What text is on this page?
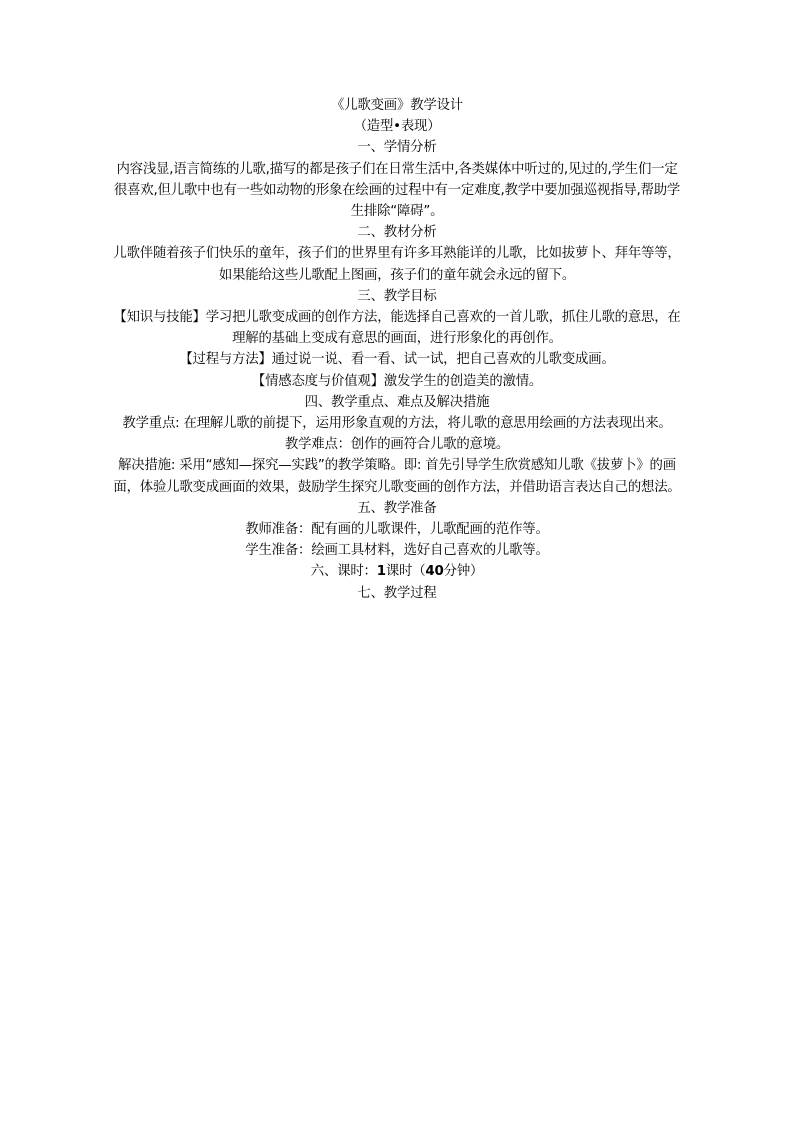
《儿歌变画》教学设计

（造型•表现）

一、学情分析

内容浅显,语言简练的儿歌,描写的都是孩子们在日常生活中,各类媒体中听过的,见过的,学生们一定很喜欢,但儿歌中也有一些如动物的形象在绘画的过程中有一定难度,教学中要加强巡视指导,帮助学生排除“障碍”。

二、教材分析

儿歌伴随着孩子们快乐的童年，孩子们的世界里有许多耳熟能详的儿歌，比如拔萝卜、拜年等等，如果能给这些儿歌配上图画，孩子们的童年就会永远的留下。

三、教学目标

【知识与技能】学习把儿歌变成画的创作方法，能选择自己喜欢的一首儿歌，抓住儿歌的意思，在理解的基础上变成有意思的画面，进行形象化的再创作。

【过程与方法】通过说一说、看一看、试一试，把自己喜欢的儿歌变成画。

【情感态度与价值观】激发学生的创造美的激情。

四、教学重点、难点及解决措施

教学重点: 在理解儿歌的前提下，运用形象直观的方法，将儿歌的意思用绘画的方法表现出来。

教学难点：创作的画符合儿歌的意境。

解决措施: 采用“感知—探究—实践”的教学策略。即: 首先引导学生欣赏感知儿歌《拔萝卜》的画面，体验儿歌变成画面的效果，鼓励学生探究儿歌变画的创作方法，并借助语言表达自己的想法。

五、教学准备

教师准备：配有画的儿歌课件，儿歌配画的范作等。

学生准备：绘画工具材料，选好自己喜欢的儿歌等。

六、课时：1课时（40分钟）

七、教学过程
